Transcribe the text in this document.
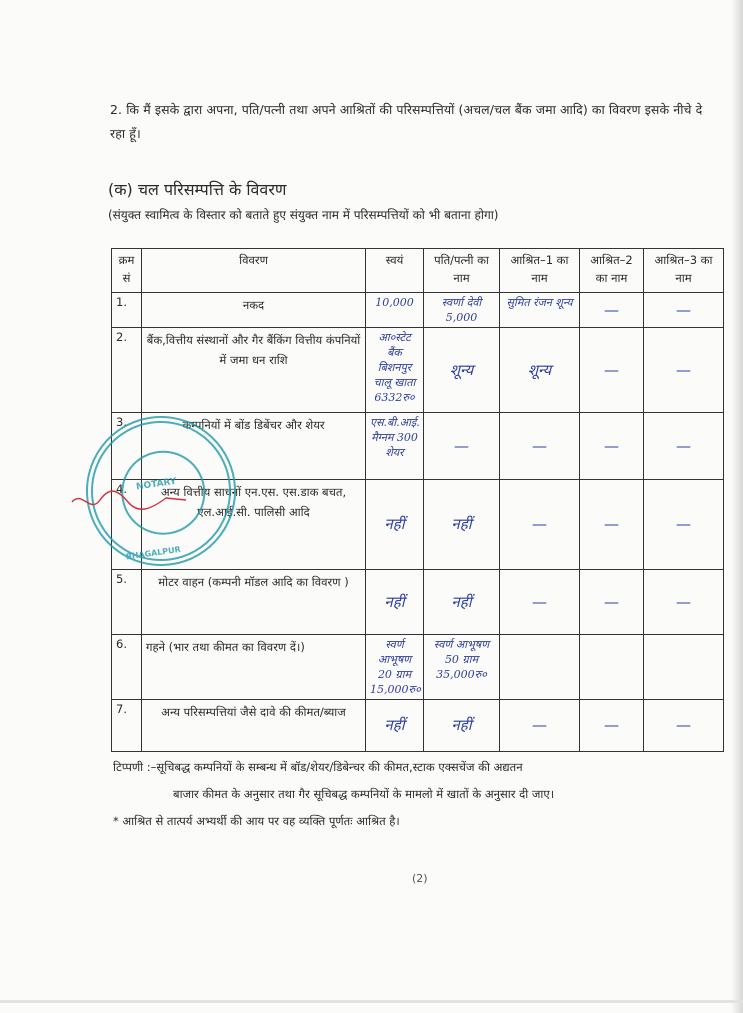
2. कि मैं इसके द्वारा अपना, पति/पत्नी तथा अपने आश्रितों की परिसम्पत्तियों (अचल/चल बैंक जमा आदि) का विवरण इसके नीचे दे रहा हूँ।
(क) चल परिसम्पत्ति के विवरण
(संयुक्त स्वामित्व के विस्तार को बताते हुए संयुक्त नाम में परिसम्पत्तियों को भी बताना होगा)
क्रम सं	विवरण	स्वयं	पति/पत्नी का नाम	आश्रित–1 का नाम	आश्रित–2 का नाम	आश्रित–3 का नाम
1.	नकद	10,000	स्वर्णा देवी 5,000	सुमित रंजन शून्य	—	—
2.	बैंक,वित्तीय संस्थानों और गैर बैंकिंग वित्तीय कंपनियों में जमा धन राशि	आ०स्टेट बैंक बिशनपुर चालू खाता 6332रु०	शून्य	शून्य	—	—
3.	कम्पनियों में बोंड डिबेंचर और शेयर	एस.बी.आई. मैग्नम 300 शेयर	—	—	—	—
4.	अन्य वित्तीय साधनों एन.एस. एस.डाक बचत, एल.आई.सी. पालिसी आदि	नहीं	नहीं	—	—	—
5.	मोटर वाहन (कम्पनी मॉडल आदि का विवरण )	नहीं	नहीं	—	—	—
6.	गहने (भार तथा कीमत का विवरण दें।)	स्वर्ण आभूषण 20 ग्राम 15,000रु०	स्वर्ण आभूषण 50 ग्राम 35,000रु०			
7.	अन्य परिसम्पत्तियां जैसे दावे की कीमत/ब्याज	नहीं	नहीं	—	—	—
NOTARY
BHAGALPUR
टिप्पणी :–सूचिबद्ध कम्पनियों के सम्बन्ध में बॉड/शेयर/डिबेन्चर की कीमत,स्टाक एक्सचेंज की अद्यतन
बाजार कीमत के अनुसार तथा गैर सूचिबद्ध कम्पनियों के मामलो में खातों के अनुसार दी जाए।
* आश्रित से तात्पर्य अभ्यर्थी की आय पर वह व्यक्ति पूर्णतः आश्रित है।
(2)
